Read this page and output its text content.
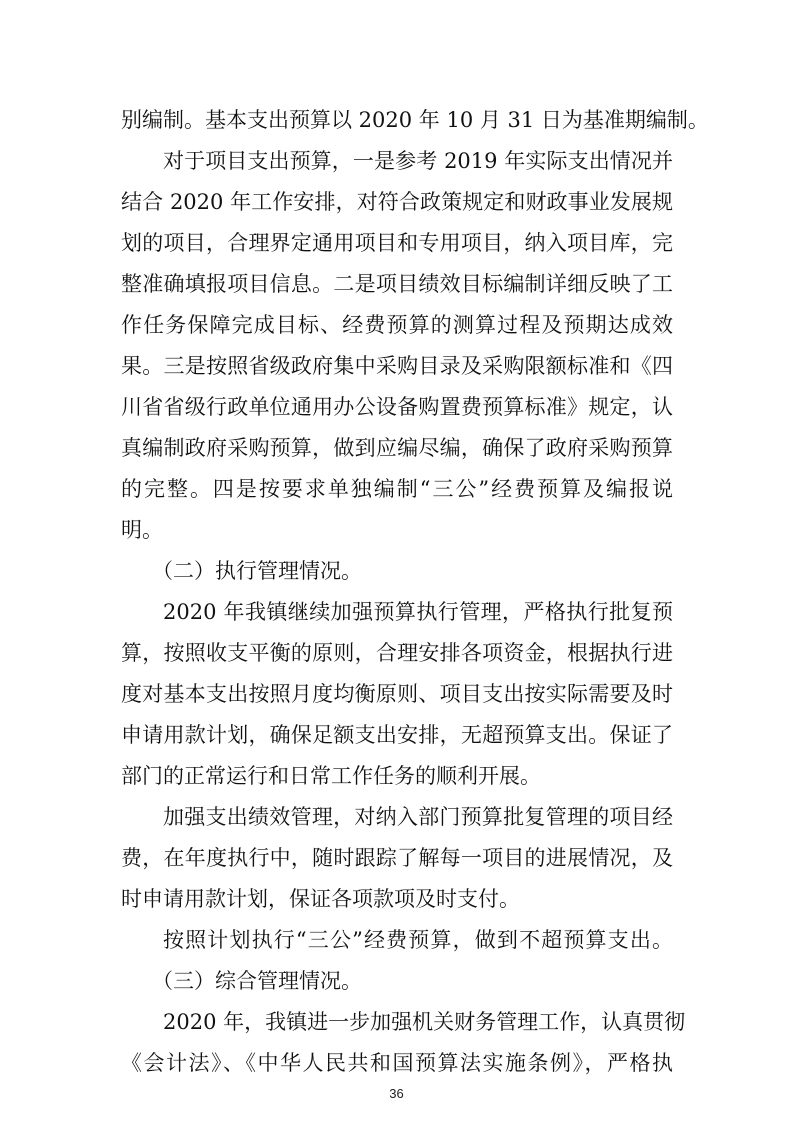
别编制。基本支出预算以 2020 年 10 月 31 日为基准期编制。
对于项目支出预算，一是参考 2019 年实际支出情况并
结合 2020 年工作安排，对符合政策规定和财政事业发展规
划的项目，合理界定通用项目和专用项目，纳入项目库，完
整准确填报项目信息。二是项目绩效目标编制详细反映了工
作任务保障完成目标、经费预算的测算过程及预期达成效
果。三是按照省级政府集中采购目录及采购限额标准和《四
川省省级行政单位通用办公设备购置费预算标准》规定，认
真编制政府采购预算，做到应编尽编，确保了政府采购预算
的完整。四是按要求单独编制“三公”经费预算及编报说
明。
（二）执行管理情况。
2020 年我镇继续加强预算执行管理，严格执行批复预
算，按照收支平衡的原则，合理安排各项资金，根据执行进
度对基本支出按照月度均衡原则、项目支出按实际需要及时
申请用款计划，确保足额支出安排，无超预算支出。保证了
部门的正常运行和日常工作任务的顺利开展。
加强支出绩效管理，对纳入部门预算批复管理的项目经
费，在年度执行中，随时跟踪了解每一项目的进展情况，及
时申请用款计划，保证各项款项及时支付。
按照计划执行“三公”经费预算，做到不超预算支出。
（三）综合管理情况。
2020 年，我镇进一步加强机关财务管理工作，认真贯彻
《会计法》、《中华人民共和国预算法实施条例》，严格执
36
